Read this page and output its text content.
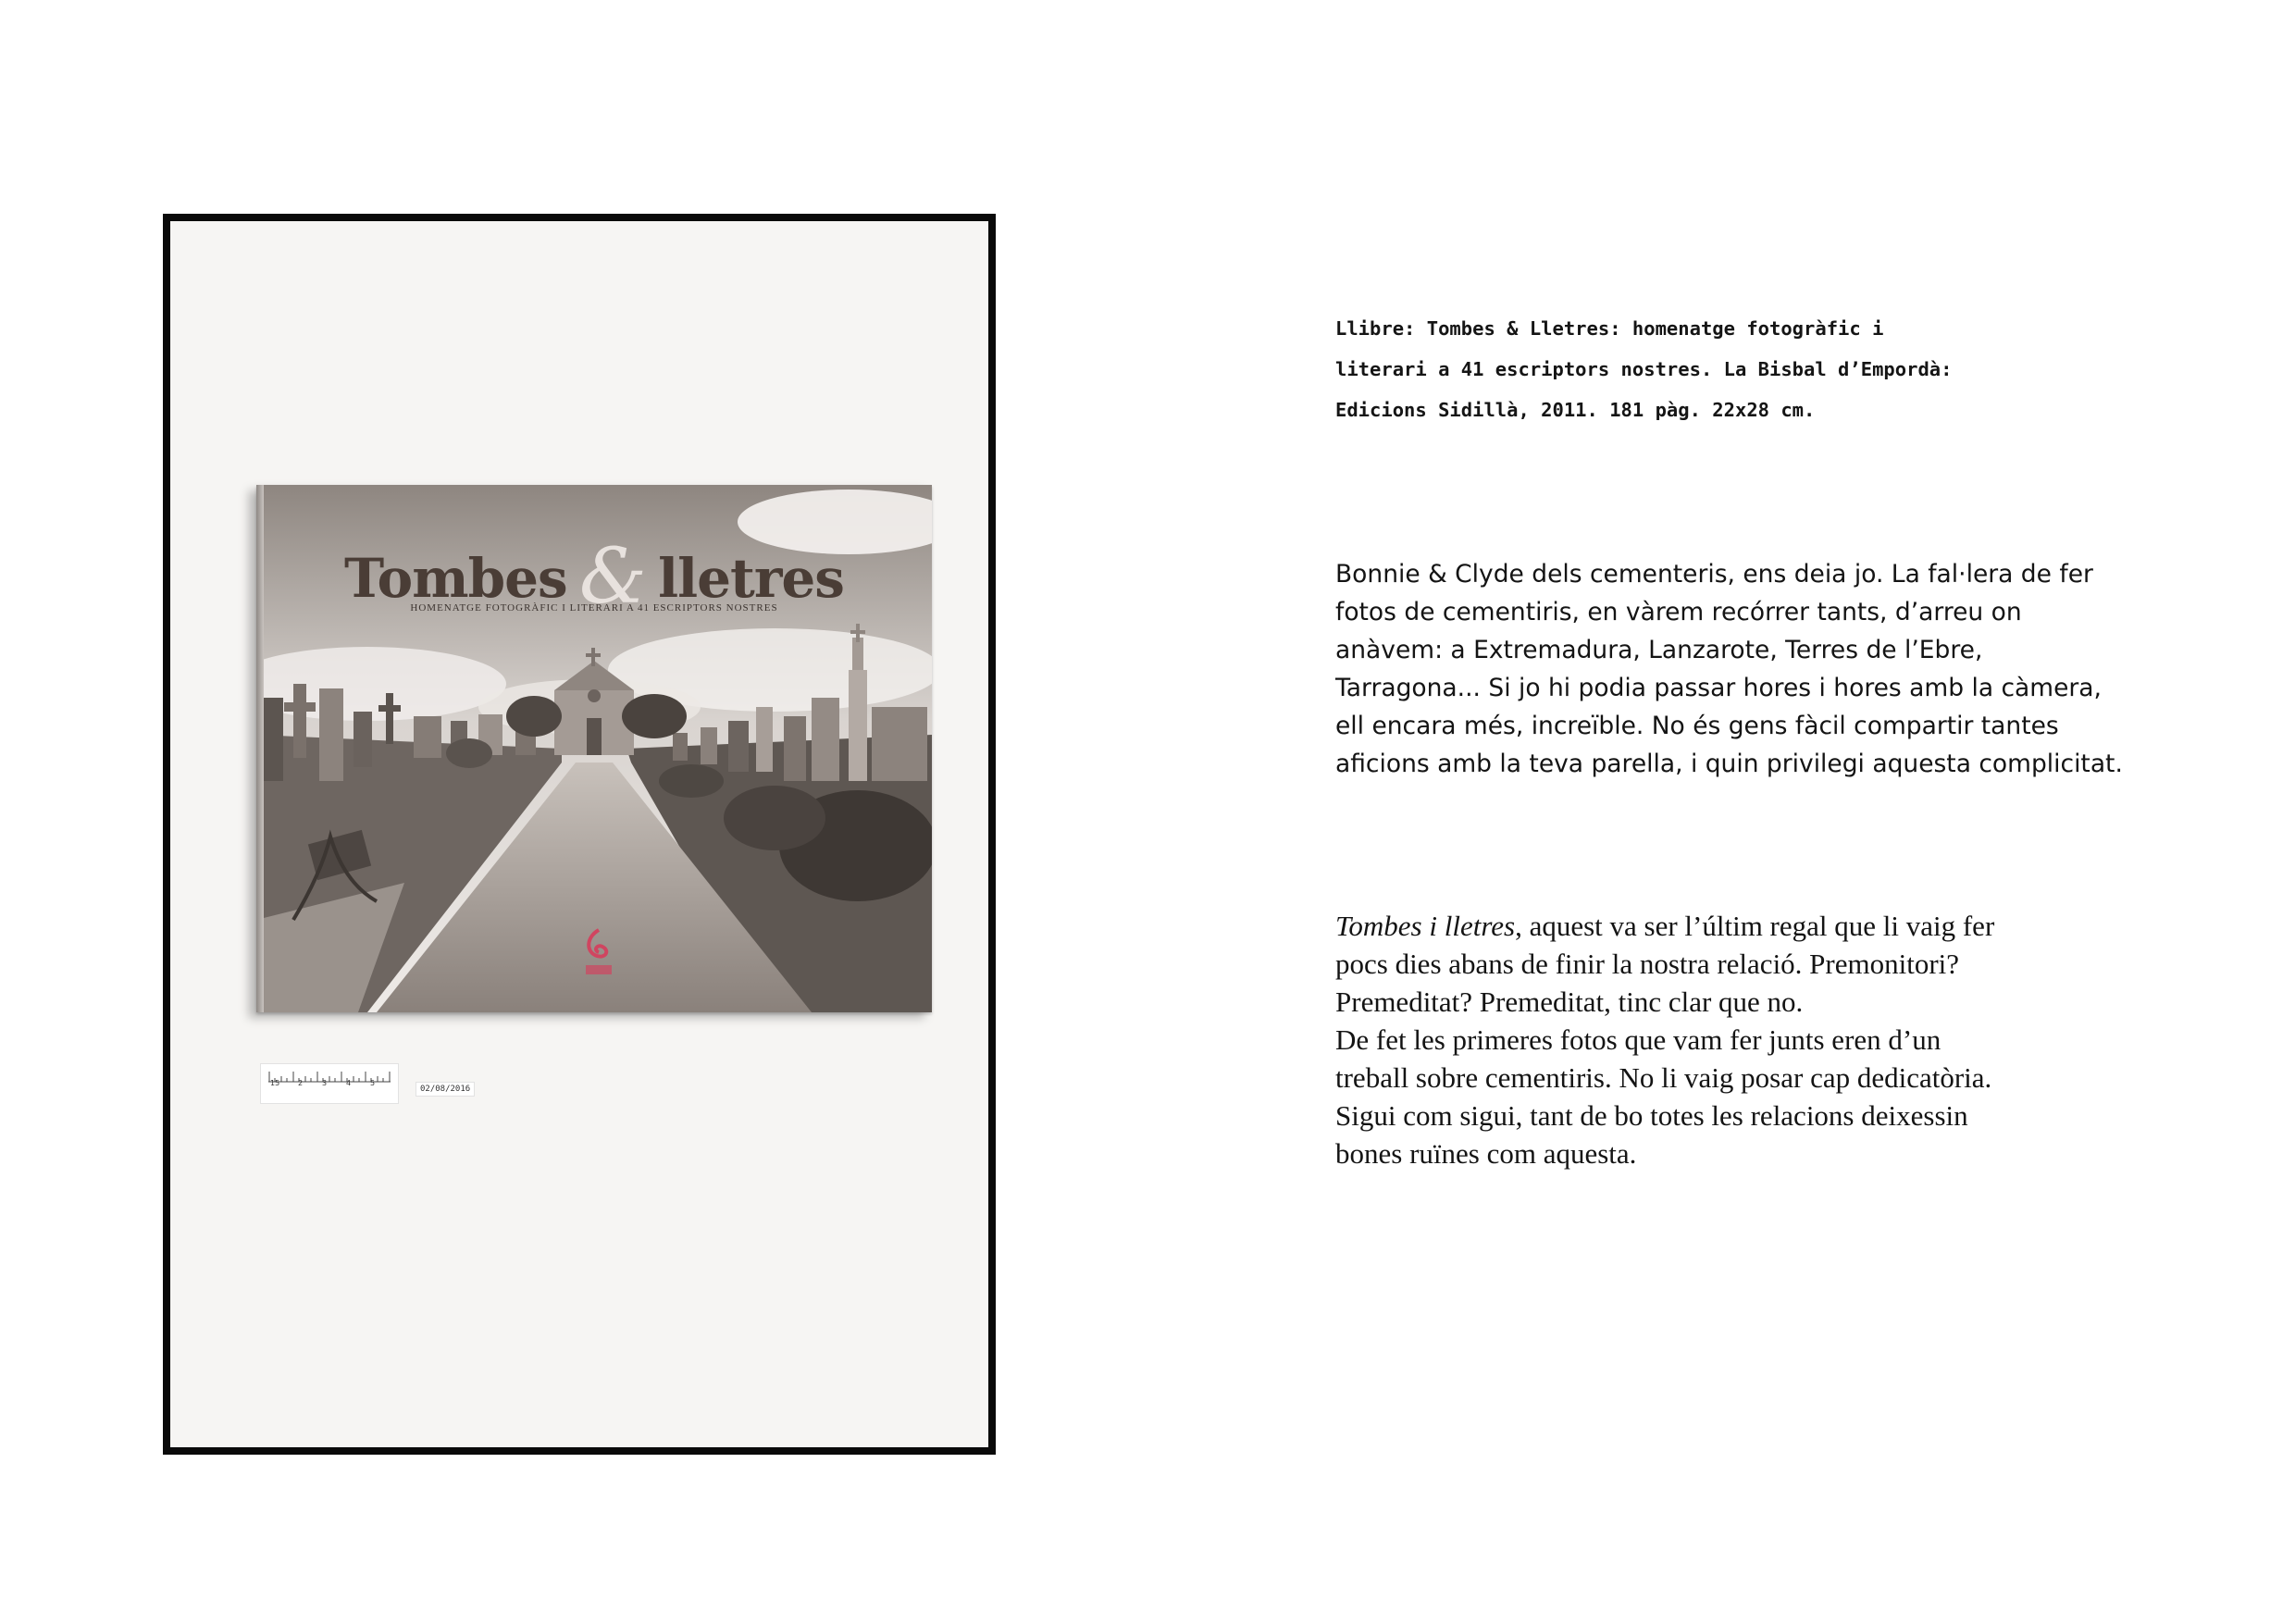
Tombes & lletres
HOMENATGE FOTOGRÀFIC I LITERARI A 41 ESCRIPTORS NOSTRES
15 2	3	4	5
02/08/2016
Llibre: Tombes & Lletres: homenatge fotogràfic i
literari a 41 escriptors nostres. La Bisbal d’Empordà:
Edicions Sidillà, 2011. 181 pàg. 22x28 cm.
Bonnie & Clyde dels cementeris, ens deia jo. La fal·lera de fer
fotos de cementiris, en vàrem recórrer tants, d’arreu on
anàvem: a Extremadura, Lanzarote, Terres de l’Ebre,
Tarragona... Si jo hi podia passar hores i hores amb la càmera,
ell encara més, increïble. No és gens fàcil compartir tantes
aficions amb la teva parella, i quin privilegi aquesta complicitat.
Tombes i lletres, aquest va ser l’últim regal que li vaig fer
pocs dies abans de finir la nostra relació. Premonitori?
Premeditat? Premeditat, tinc clar que no.
De fet les primeres fotos que vam fer junts eren d’un
treball sobre cementiris. No li vaig posar cap dedicatòria.
Sigui com sigui, tant de bo totes les relacions deixessin
bones ruïnes com aquesta.
